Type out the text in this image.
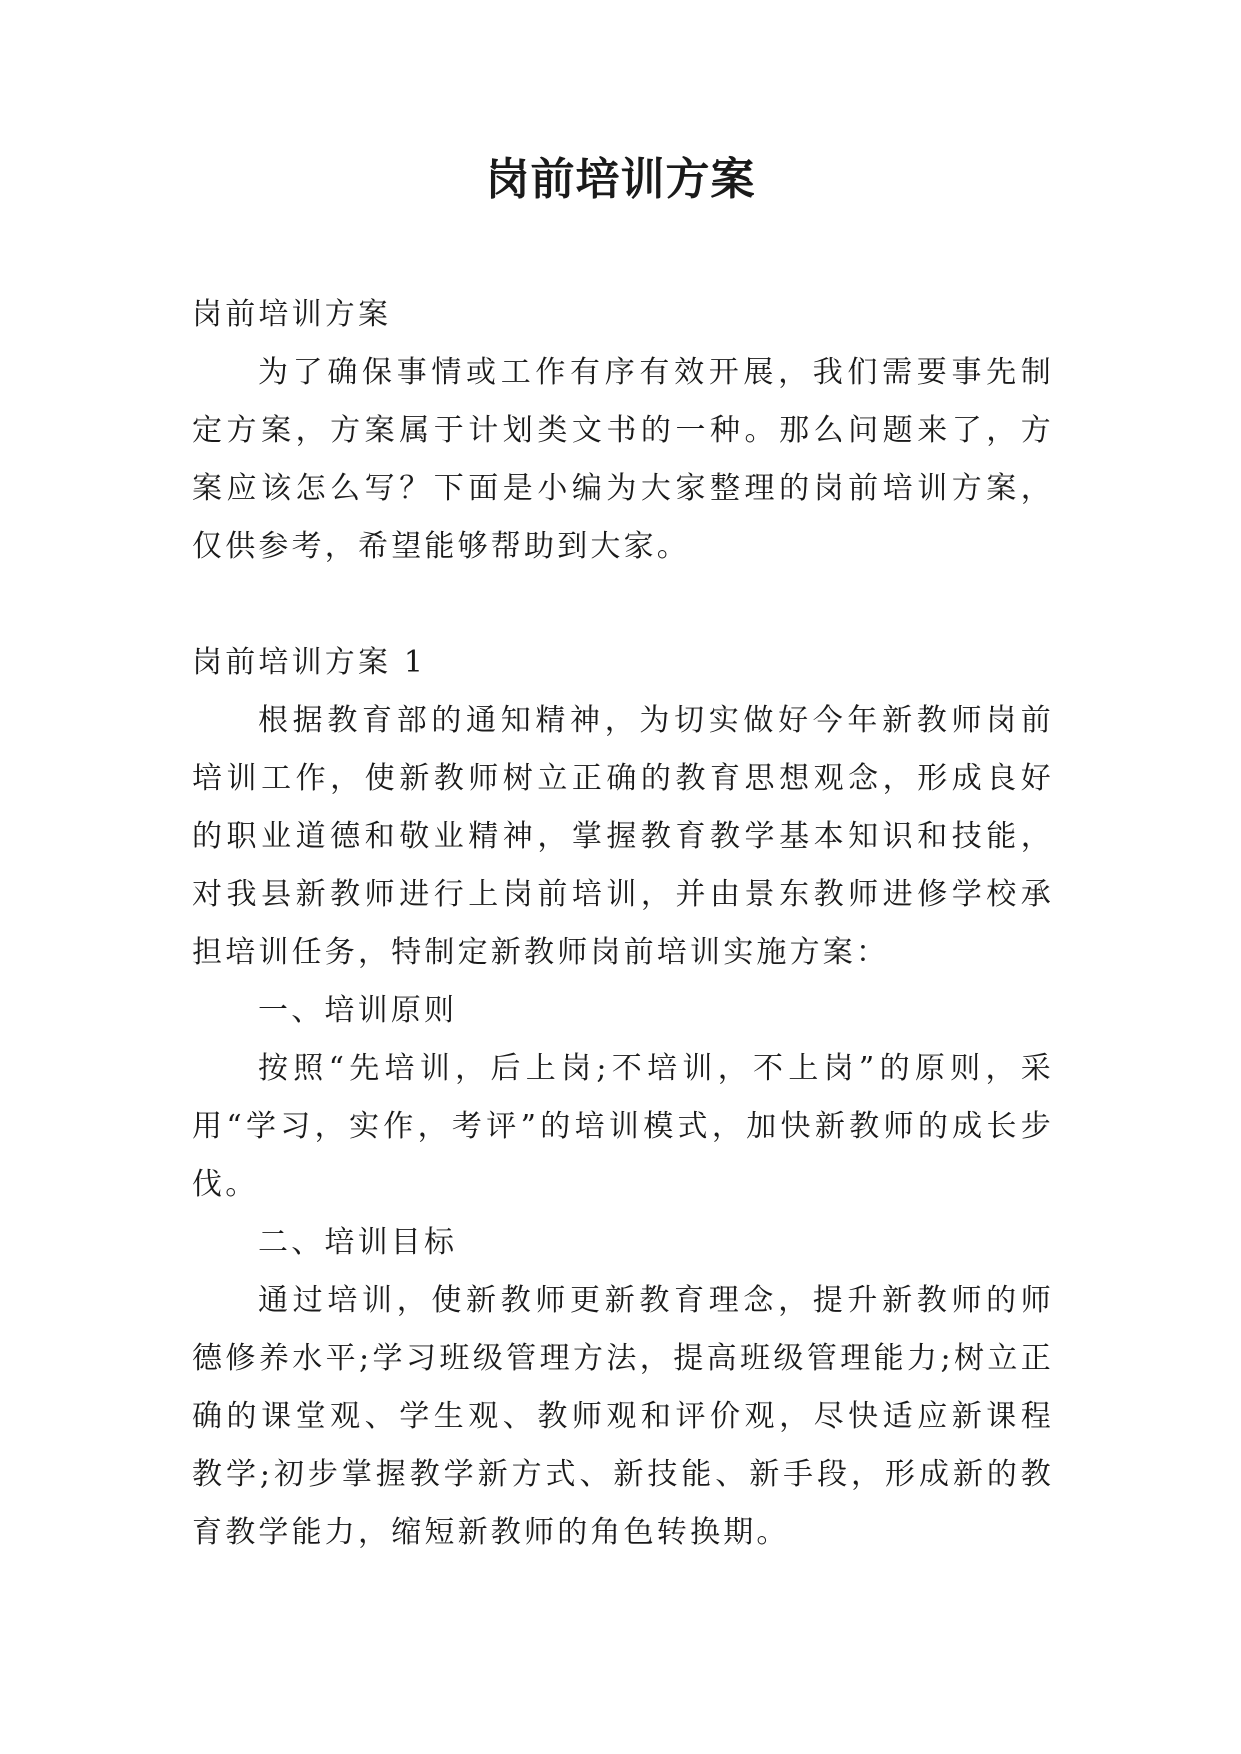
岗前培训方案

岗前培训方案

为了确保事情或工作有序有效开展，我们需要事先制定方案，方案属于计划类文书的一种。那么问题来了，方案应该怎么写？下面是小编为大家整理的岗前培训方案，仅供参考，希望能够帮助到大家。

岗前培训方案 1

根据教育部的通知精神，为切实做好今年新教师岗前培训工作，使新教师树立正确的教育思想观念，形成良好的职业道德和敬业精神，掌握教育教学基本知识和技能，对我县新教师进行上岗前培训，并由景东教师进修学校承担培训任务，特制定新教师岗前培训实施方案：

一、培训原则

按照“先培训，后上岗;不培训，不上岗”的原则，采用“学习，实作，考评”的培训模式，加快新教师的成长步伐。

二、培训目标

通过培训，使新教师更新教育理念，提升新教师的师德修养水平;学习班级管理方法，提高班级管理能力;树立正确的课堂观、学生观、教师观和评价观，尽快适应新课程教学;初步掌握教学新方式、新技能、新手段，形成新的教育教学能力，缩短新教师的角色转换期。
